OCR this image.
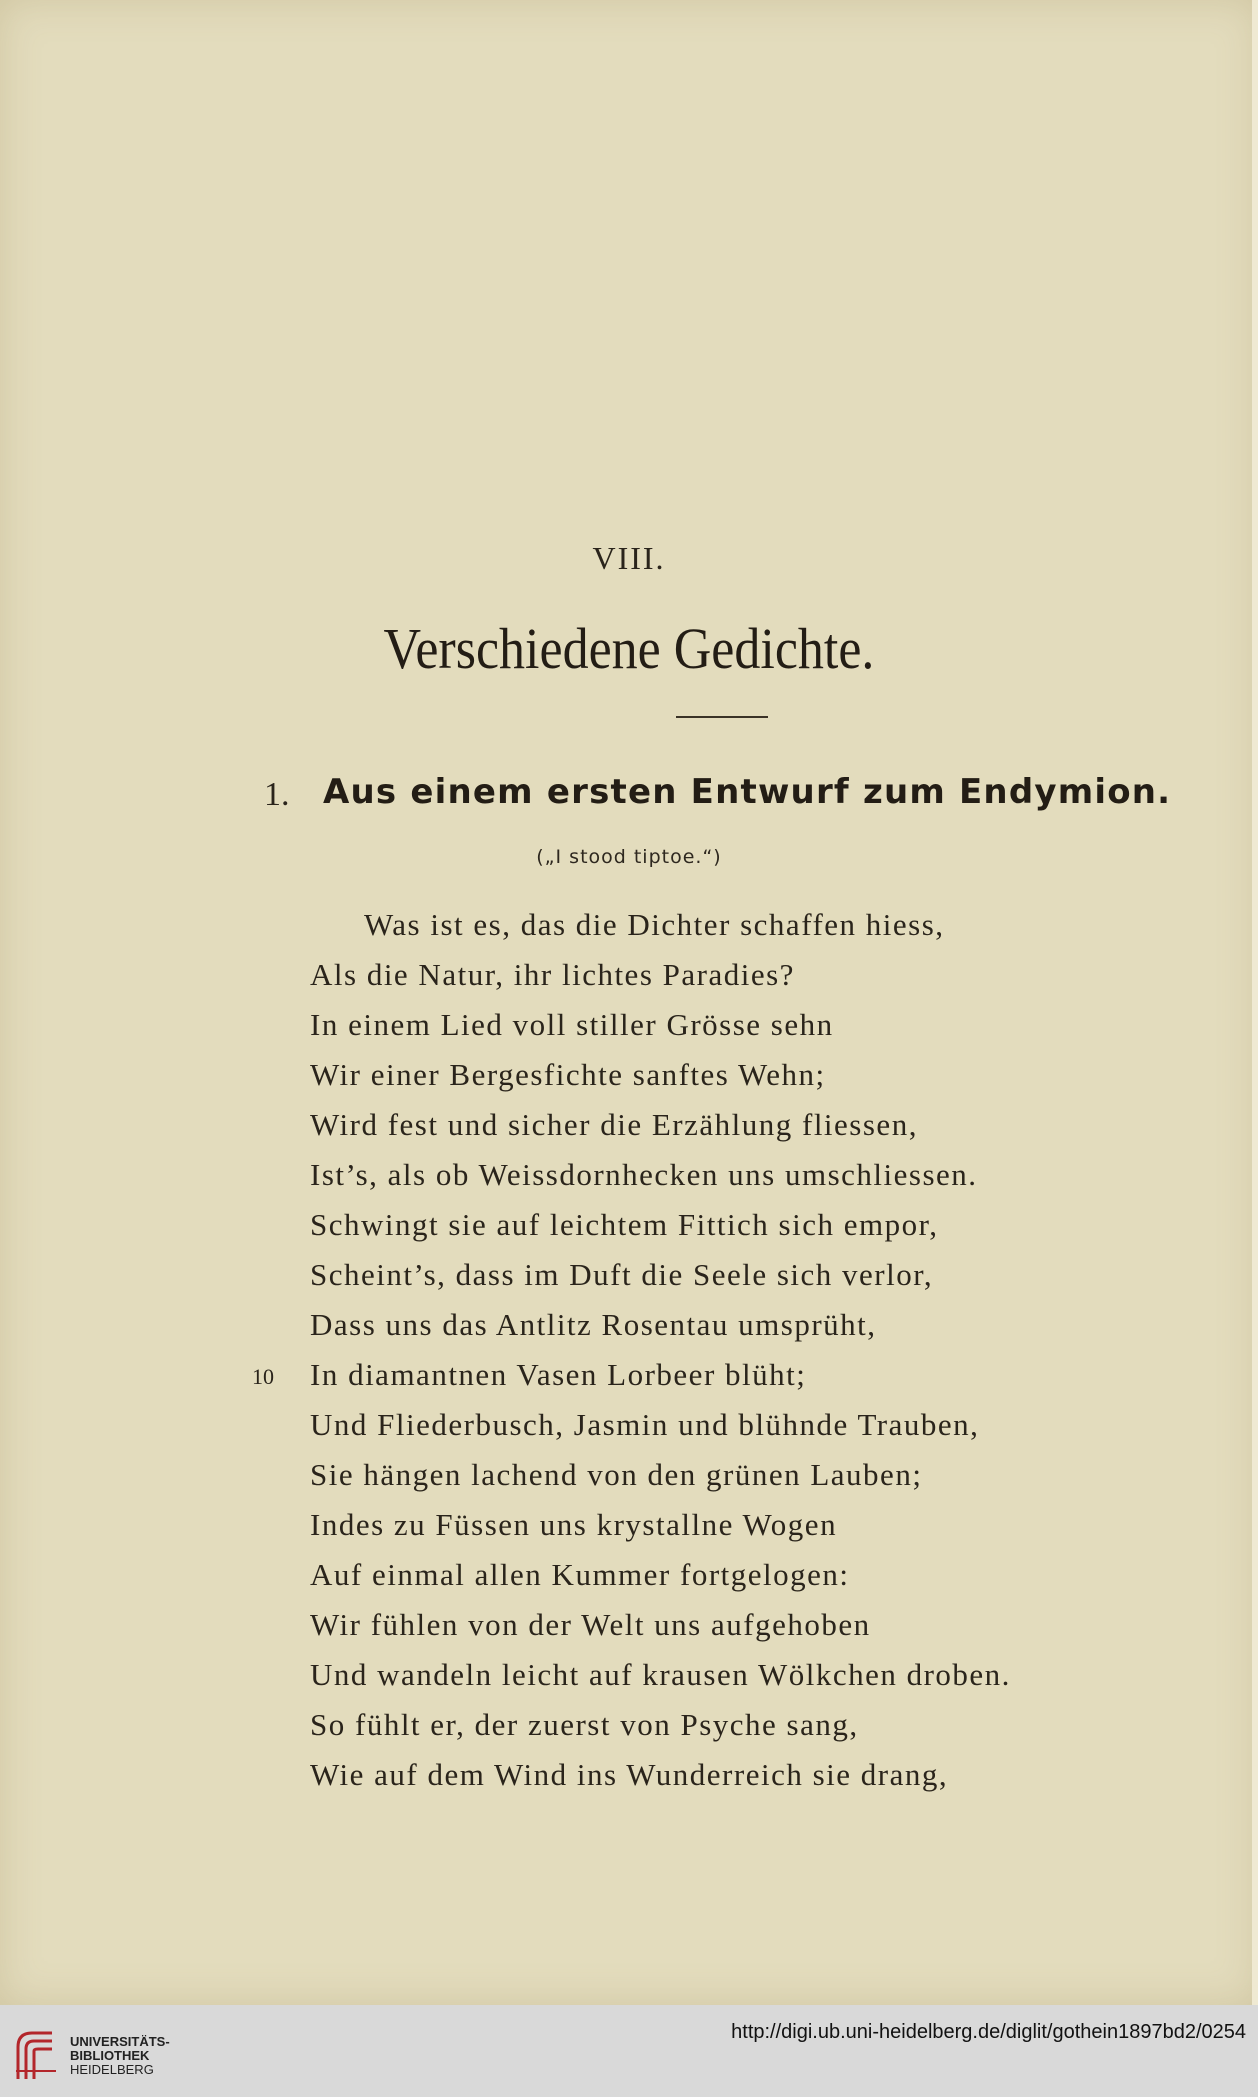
VIII.
Verschiedene Gedichte.
1. Aus einem ersten Entwurf zum Endymion.
(„I stood tiptoe.“)
Was ist es, das die Dichter schaffen hiess,
Als die Natur, ihr lichtes Paradies?
In einem Lied voll stiller Grösse sehn
Wir einer Bergesfichte sanftes Wehn;
Wird fest und sicher die Erzählung fliessen,
Ist’s, als ob Weissdornhecken uns umschliessen.
Schwingt sie auf leichtem Fittich sich empor,
Scheint’s, dass im Duft die Seele sich verlor,
Dass uns das Antlitz Rosentau umsprüht,
10 In diamantnen Vasen Lorbeer blüht;
Und Fliederbusch, Jasmin und blühnde Trauben,
Sie hängen lachend von den grünen Lauben;
Indes zu Füssen uns krystallne Wogen
Auf einmal allen Kummer fortgelogen:
Wir fühlen von der Welt uns aufgehoben
Und wandeln leicht auf krausen Wölkchen droben.
So fühlt er, der zuerst von Psyche sang,
Wie auf dem Wind ins Wunderreich sie drang,
UNIVERSITÄTS-
BIBLIOTHEK
HEIDELBERG
http://digi.ub.uni-heidelberg.de/diglit/gothein1897bd2/0254
